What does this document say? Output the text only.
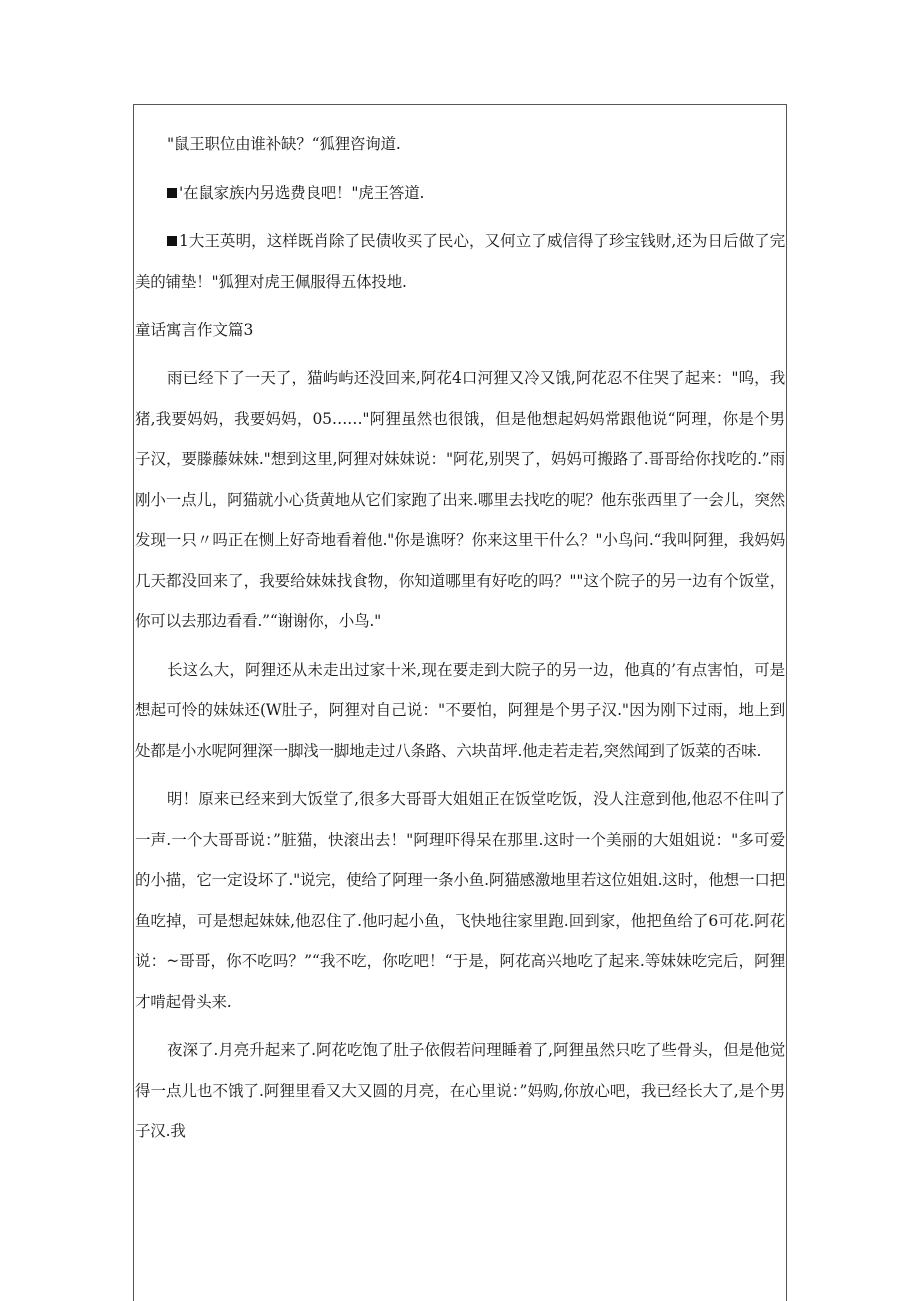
"鼠王职位由谁补缺？“狐狸咨询道.

'在鼠家族内另选费良吧！"虎王答道.

1大王英明，这样既肖除了民债收买了民心，又何立了威信得了珍宝钱财,还为日后做了完美的铺垫！"狐狸对虎王佩服得五体投地.

童话寓言作文篇3

雨已经下了一天了，猫屿屿还没回来,阿花4口河狸又冷又饿,阿花忍不住哭了起来："呜，我猪,我要妈妈，我要妈妈，05……"阿狸虽然也很饿，但是他想起妈妈常跟他说“阿理，你是个男子汉，要滕藤妹妹."想到这里,阿狸对妹妹说："阿花,别哭了，妈妈可搬路了.哥哥给你找吃的.”雨刚小一点儿，阿猫就小心货黄地从它们家跑了出来.哪里去找吃的呢？他东张西里了一会儿，突然发现一只〃吗正在恻上好奇地看着他."你是谯呀？你来这里干什么？"小鸟问.“我叫阿狸，我妈妈几天都没回来了，我要给妹妹找食物，你知道哪里有好吃的吗？""这个院子的另一边有个饭堂，你可以去那边看看.”“谢谢你，小鸟."

长这么大，阿狸还从未走出过家十米,现在要走到大院子的另一边，他真的’有点害怕，可是想起可怜的妹妹还(W肚子，阿狸对自己说："不要怕，阿狸是个男子汉."因为刚下过雨，地上到处都是小水呢阿狸深一脚浅一脚地走过八条路、六块苗坪.他走若走若,突然闻到了饭菜的否味.

明！原来已经来到大饭堂了,很多大哥哥大姐姐正在饭堂吃饭，没人注意到他,他忍不住叫了一声.一个大哥哥说：”脏猫，快滚出去！"阿理吓得呆在那里.这时一个美丽的大姐姐说："多可爱的小描，它一定设坏了."说完，使给了阿理一条小鱼.阿猫感激地里若这位姐姐.这时，他想一口把鱼吃掉，可是想起妹妹,他忍住了.他叼起小鱼，飞快地往家里跑.回到家，他把鱼给了6可花.阿花说：~哥哥，你不吃吗？”“我不吃，你吃吧！“于是，阿花高兴地吃了起来.等妹妹吃完后，阿狸才啃起骨头来.

夜深了.月亮升起来了.阿花吃饱了肚子依假若问理睡着了,阿狸虽然只吃了些骨头，但是他觉得一点儿也不饿了.阿狸里看又大又圆的月亮，在心里说：”妈购,你放心吧，我已经长大了,是个男子汉.我
